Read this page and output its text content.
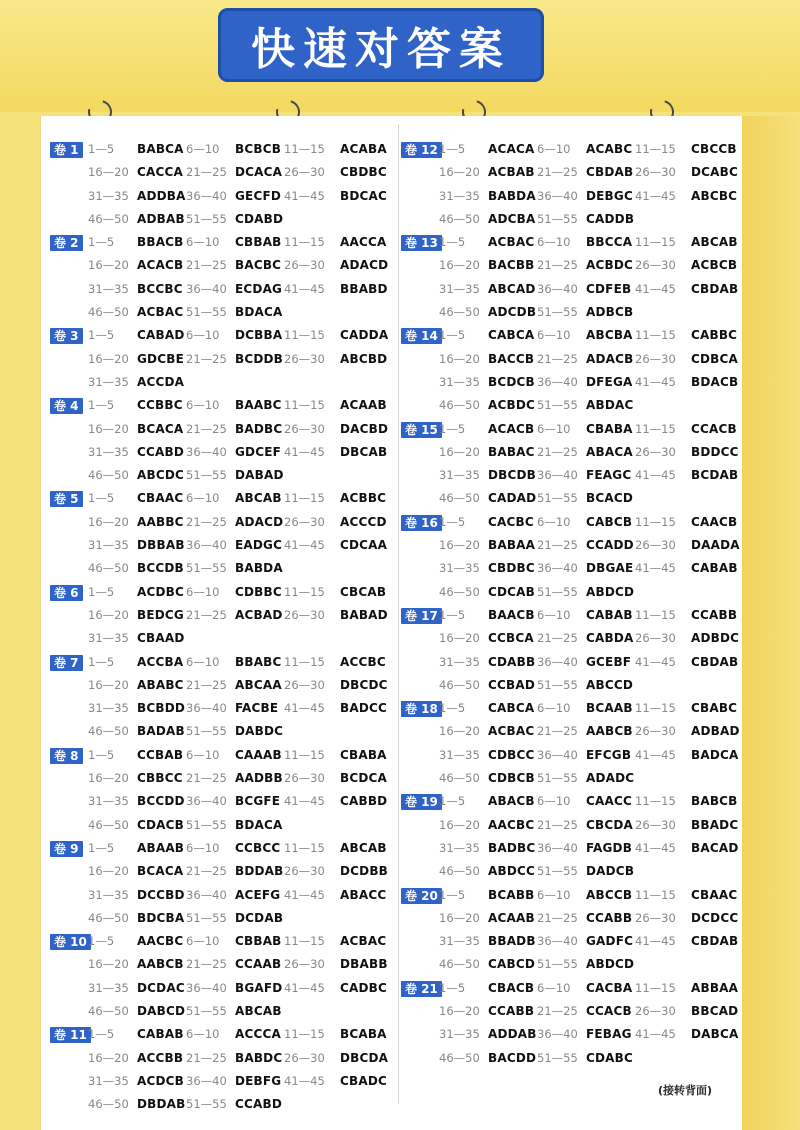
快速对答案
卷 1 1—5 BABCA 6—10 BCBCB 11—15 ACABA
16—20 CACCA 21—25 DCACA 26—30 CBDBC
31—35 ADDBA 36—40 GECFD 41—45 BDCAC
46—50 ADBAB 51—55 CDABD
卷 2 1—5 BBACB 6—10 CBBAB 11—15 AACCA
16—20 ACACB 21—25 BACBC 26—30 ADACD
31—35 BCCBC 36—40 ECDAG 41—45 BBABD
46—50 ACBAC 51—55 BDACA
卷 3 1—5 CABAD 6—10 DCBBA 11—15 CADDA
16—20 GDCBE 21—25 BCDDB 26—30 ABCBD
31—35 ACCDA
卷 4 1—5 CCBBC 6—10 BAABC 11—15 ACAAB
16—20 BCACA 21—25 BADBC 26—30 DACBD
31—35 CCABD 36—40 GDCEF 41—45 DBCAB
46—50 ABCDC 51—55 DABAD
卷 5 1—5 CBAAC 6—10 ABCAB 11—15 ACBBC
16—20 AABBC 21—25 ADACD 26—30 ACCCD
31—35 DBBAB 36—40 EADGC 41—45 CDCAA
46—50 BCCDB 51—55 BABDA
卷 6 1—5 ACDBC 6—10 CDBBC 11—15 CBCAB
16—20 BEDCG 21—25 ACBAD 26—30 BABAD
31—35 CBAAD
卷 7 1—5 ACCBA 6—10 BBABC 11—15 ACCBC
16—20 ABABC 21—25 ABCAA 26—30 DBCDC
31—35 BCBDD 36—40 FACBE 41—45 BADCC
46—50 BADAB 51—55 DABDC
卷 8 1—5 CCBAB 6—10 CAAAB 11—15 CBABA
16—20 CBBCC 21—25 AADBB 26—30 BCDCA
31—35 BCCDD 36—40 BCGFE 41—45 CABBD
46—50 CDACB 51—55 BDACA
卷 9 1—5 ABAAB 6—10 CCBCC 11—15 ABCAB
16—20 BCACA 21—25 BDDAB 26—30 DCDBB
31—35 DCCBD 36—40 ACEFG 41—45 ABACC
46—50 BDCBA 51—55 DCDAB
卷 10 1—5 AACBC 6—10 CBBAB 11—15 ACBAC
16—20 AABCB 21—25 CCAAB 26—30 DBABB
31—35 DCDAC 36—40 BGAFD 41—45 CADBC
46—50 DABCD 51—55 ABCAB
卷 11 1—5 CABAB 6—10 ACCCA 11—15 BCABA
16—20 ACCBB 21—25 BABDC 26—30 DBCDA
31—35 ACDCB 36—40 DEBFG 41—45 CBADC
46—50 DBDAB 51—55 CCABD
卷 12 1—5 ACACA 6—10 ACABC 11—15 CBCCB
16—20 ACBAB 21—25 CBDAB 26—30 DCABC
31—35 BABDA 36—40 DEBGC 41—45 ABCBC
46—50 ADCBA 51—55 CADDB
卷 13 1—5 ACBAC 6—10 BBCCA 11—15 ABCAB
16—20 BACBB 21—25 ACBDC 26—30 ACBCB
31—35 ABCAD 36—40 CDFEB 41—45 CBDAB
46—50 ADCDB 51—55 ADBCB
卷 14 1—5 CABCA 6—10 ABCBA 11—15 CABBC
16—20 BACCB 21—25 ADACB 26—30 CDBCA
31—35 BCDCB 36—40 DFEGA 41—45 BDACB
46—50 ACBDC 51—55 ABDAC
卷 15 1—5 ACACB 6—10 CBABA 11—15 CCACB
16—20 BABAC 21—25 ABACA 26—30 BDDCC
31—35 DBCDB 36—40 FEAGC 41—45 BCDAB
46—50 CADAD 51—55 BCACD
卷 16 1—5 CACBC 6—10 CABCB 11—15 CAACB
16—20 BABAA 21—25 CCADD 26—30 DAADA
31—35 CBDBC 36—40 DBGAE 41—45 CABAB
46—50 CDCAB 51—55 ABDCD
卷 17 1—5 BAACB 6—10 CABAB 11—15 CCABB
16—20 CCBCA 21—25 CABDA 26—30 ADBDC
31—35 CDABB 36—40 GCEBF 41—45 CBDAB
46—50 CCBAD 51—55 ABCCD
卷 18 1—5 CABCA 6—10 BCAAB 11—15 CBABC
16—20 ACBAC 21—25 AABCB 26—30 ADBAD
31—35 CDBCC 36—40 EFCGB 41—45 BADCA
46—50 CDBCB 51—55 ADADC
卷 19 1—5 ABACB 6—10 CAACC 11—15 BABCB
16—20 AACBC 21—25 CBCDA 26—30 BBADC
31—35 BADBC 36—40 FAGDB 41—45 BACAD
46—50 ABDCC 51—55 DADCB
卷 20 1—5 BCABB 6—10 ABCCB 11—15 CBAAC
16—20 ACAAB 21—25 CCABB 26—30 DCDCC
31—35 BBADB 36—40 GADFC 41—45 CBDAB
46—50 CABCD 51—55 ABDCD
卷 21 1—5 CBACB 6—10 CACBA 11—15 ABBAA
16—20 CCABB 21—25 CCACB 26—30 BBCAD
31—35 ADDAB 36—40 FEBAG 41—45 DABCA
46—50 BACDD 51—55 CDABC
(接转背面)
